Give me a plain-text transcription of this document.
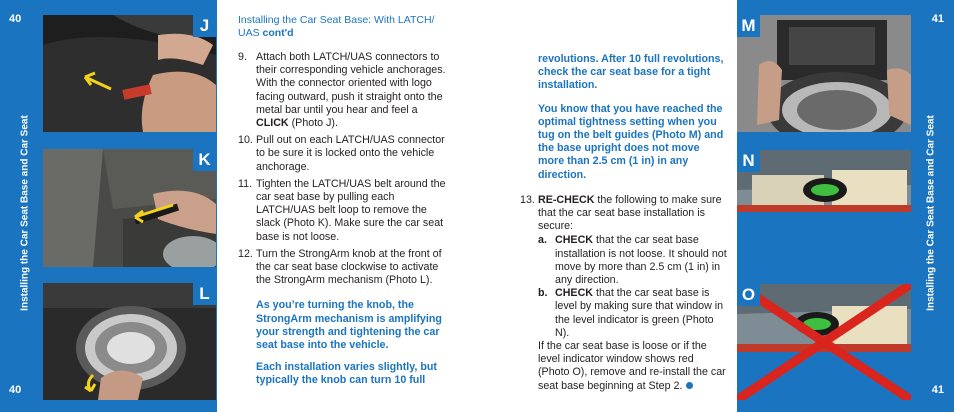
40
40
Installing the Car Seat Base and Car Seat
J
K
L
Installing the Car Seat Base: With LATCH/ UAS cont'd
9. Attach both LATCH/UAS connectors to their corresponding vehicle anchorages. With the connector oriented with logo facing outward, push it straight onto the metal bar until you hear and feel a CLICK (Photo J).
10. Pull out on each LATCH/UAS connector to be sure it is locked onto the vehicle anchorage.
11. Tighten the LATCH/UAS belt around the car seat base by pulling each LATCH/UAS belt loop to remove the slack (Photo K). Make sure the car seat base is not loose.
12. Turn the StrongArm knob at the front of the car seat base clockwise to activate the StrongArm mechanism (Photo L).
As you’re turning the knob, the StrongArm mechanism is amplifying your strength and tightening the car seat base into the vehicle.
Each installation varies slightly, but typically the knob can turn 10 full
revolutions. After 10 full revolutions, check the car seat base for a tight installation.
You know that you have reached the optimal tightness setting when you tug on the belt guides (Photo M) and the base upright does not move more than 2.5 cm (1 in) in any direction.
13. RE-CHECK the following to make sure that the car seat base installation is secure:
a. CHECK that the car seat base installation is not loose. It should not move by more than 2.5 cm (1 in) in any direction.
b. CHECK that the car seat base is level by making sure that window in the level indicator is green (Photo N).
If the car seat base is loose or if the level indicator window shows red (Photo O), remove and re-install the car seat base beginning at Step 2.
41
41
Installing the Car Seat Base and Car Seat
M
N
O
